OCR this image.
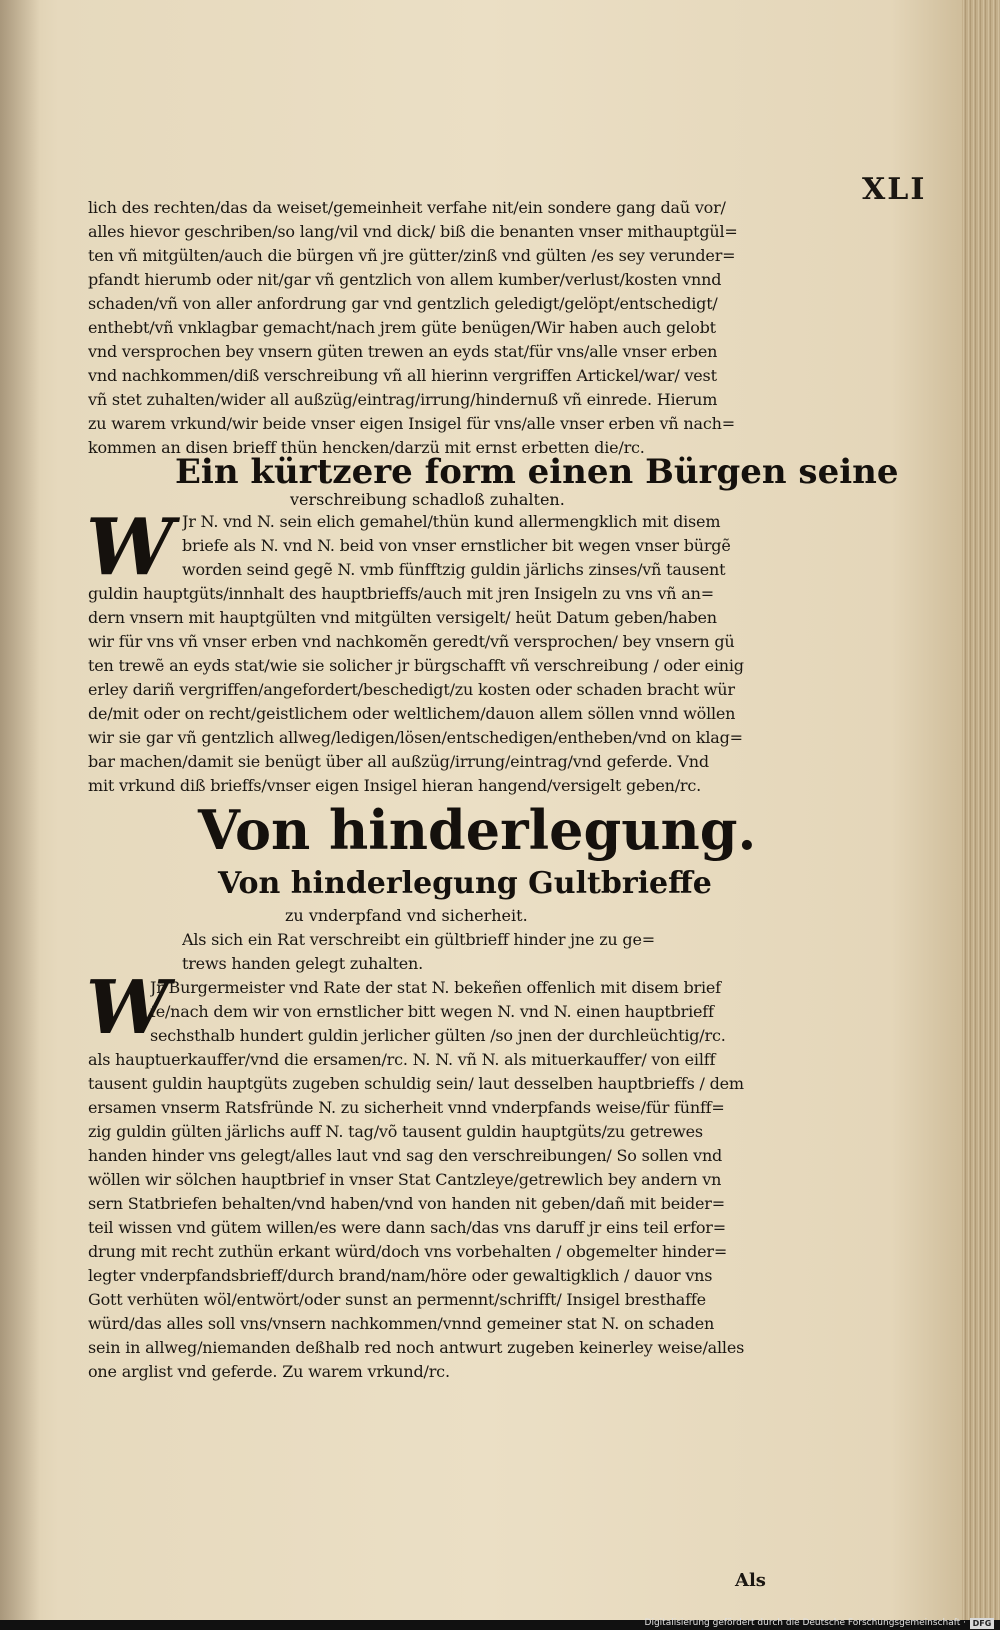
XLI
lich des rechten/das da weiset/gemeinheit verfahe nit/ein sondere gang daũ vor/
alles hievor geschriben/so lang/vil vnd dick/ biß die benanten vnser mithauptgül=
ten vñ mitgülten/auch die bürgen vñ jre gütter/zinß vnd gülten /es sey verunder=
pfandt hierumb oder nit/gar vñ gentzlich von allem kumber/verlust/kosten vnnd
schaden/vñ von aller anfordrung gar vnd gentzlich geledigt/gelöpt/entschedigt/
enthebt/vñ vnklagbar gemacht/nach jrem güte benügen/Wir haben auch gelobt
vnd versprochen bey vnsern güten trewen an eyds stat/für vns/alle vnser erben
vnd nachkommen/diß verschreibung vñ all hierinn vergriffen Artickel/war/ vest
vñ stet zuhalten/wider all außzüg/eintrag/irrung/hindernuß vñ einrede. Hierum
zu warem vrkund/wir beide vnser eigen Insigel für vns/alle vnser erben vñ nach=
kommen an disen brieff thün hencken/darzü mit ernst erbetten die/rc.
Ein kürtzere form einen Bürgen seine
verschreibung schadloß zuhalten.
W Jr N. vnd N. sein elich gemahel/thün kund allermengklich mit disem
briefe als N. vnd N. beid von vnser ernstlicher bit wegen vnser bürgẽ
worden seind gegẽ N. vmb fünfftzig guldin järlichs zinses/vñ tausent
guldin hauptgüts/innhalt des hauptbrieffs/auch mit jren Insigeln zu vns vñ an=
dern vnsern mit hauptgülten vnd mitgülten versigelt/ heüt Datum geben/haben
wir für vns vñ vnser erben vnd nachkomẽn geredt/vñ versprochen/ bey vnsern gü
ten trewẽ an eyds stat/wie sie solicher jr bürgschafft vñ verschreibung / oder einig
erley dariñ vergriffen/angefordert/beschedigt/zu kosten oder schaden bracht wür
de/mit oder on recht/geistlichem oder weltlichem/dauon allem söllen vnnd wöllen
wir sie gar vñ gentzlich allweg/ledigen/lösen/entschedigen/entheben/vnd on klag=
bar machen/damit sie benügt über all außzüg/irrung/eintrag/vnd geferde. Vnd
mit vrkund diß brieffs/vnser eigen Insigel hieran hangend/versigelt geben/rc.
Von hinderlegung.
Von hinderlegung Gultbrieffe
zu vnderpfand vnd sicherheit.
Als sich ein Rat verschreibt ein gültbrieff hinder jne zu ge=
trews handen gelegt zuhalten.
W
Jr Burgermeister vnd Rate der stat N. bekeñen offenlich mit disem brief
fe/nach dem wir von ernstlicher bitt wegen N. vnd N. einen hauptbrieff
sechsthalb hundert guldin jerlicher gülten /so jnen der durchleüchtig/rc.
als hauptuerkauffer/vnd die ersamen/rc. N. N. vñ N. als mituerkauffer/ von eilff
tausent guldin hauptgüts zugeben schuldig sein/ laut desselben hauptbrieffs / dem
ersamen vnserm Ratsfründe N. zu sicherheit vnnd vnderpfands weise/für fünff=
zig guldin gülten järlichs auff N. tag/võ tausent guldin hauptgüts/zu getrewes
handen hinder vns gelegt/alles laut vnd sag den verschreibungen/ So sollen vnd
wöllen wir sölchen hauptbrief in vnser Stat Cantzleye/getrewlich bey andern vn
sern Statbriefen behalten/vnd haben/vnd von handen nit geben/dañ mit beider=
teil wissen vnd gütem willen/es were dann sach/das vns daruff jr eins teil erfor=
drung mit recht zuthün erkant würd/doch vns vorbehalten / obgemelter hinder=
legter vnderpfandsbrieff/durch brand/nam/höre oder gewaltigklich / dauor vns
Gott verhüten wöl/entwört/oder sunst an permennt/schrifft/ Insigel bresthaffe
würd/das alles soll vns/vnsern nachkommen/vnnd gemeiner stat N. on schaden
sein in allweg/niemanden deßhalb red noch antwurt zugeben keinerley weise/alles
one arglist vnd geferde. Zu warem vrkund/rc.
Als
Digitalisierung gefördert durch die Deutsche Forschungsgemeinschaft · DFG
